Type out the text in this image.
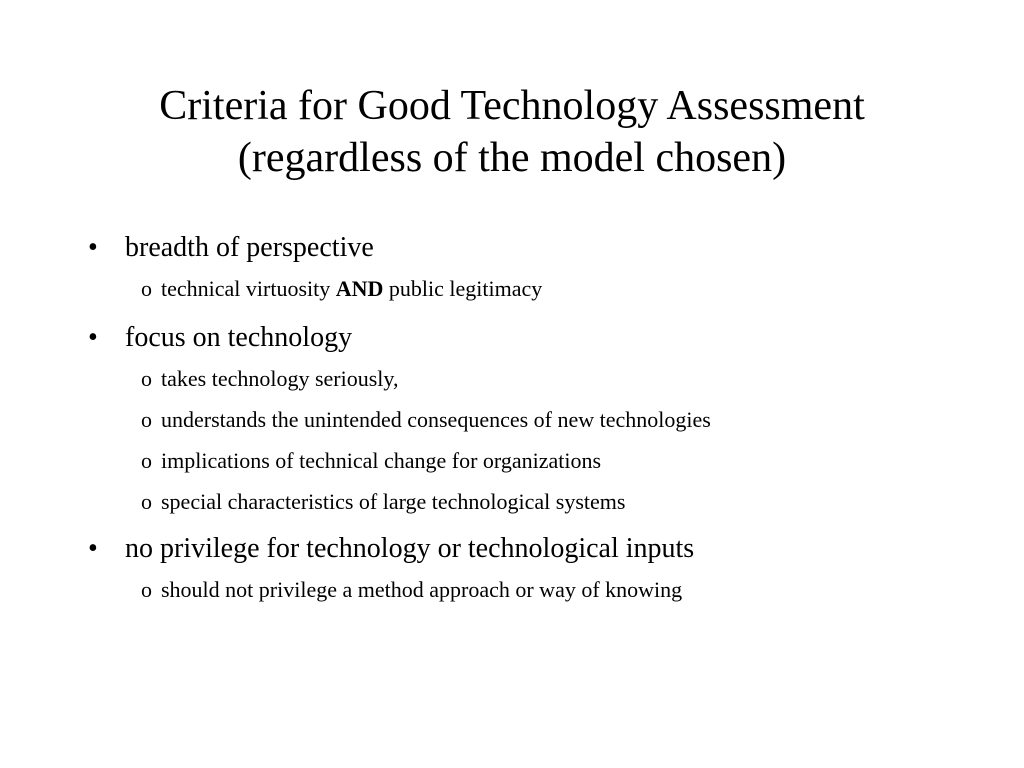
Criteria for Good Technology Assessment
(regardless of the model chosen)
• breadth of perspective
o technical virtuosity AND public legitimacy
• focus on technology
o takes technology seriously,
o understands the unintended consequences of new technologies
o implications of technical change for organizations
o special characteristics of large technological systems
• no privilege for technology or technological inputs
o should not privilege a method approach or way of knowing
